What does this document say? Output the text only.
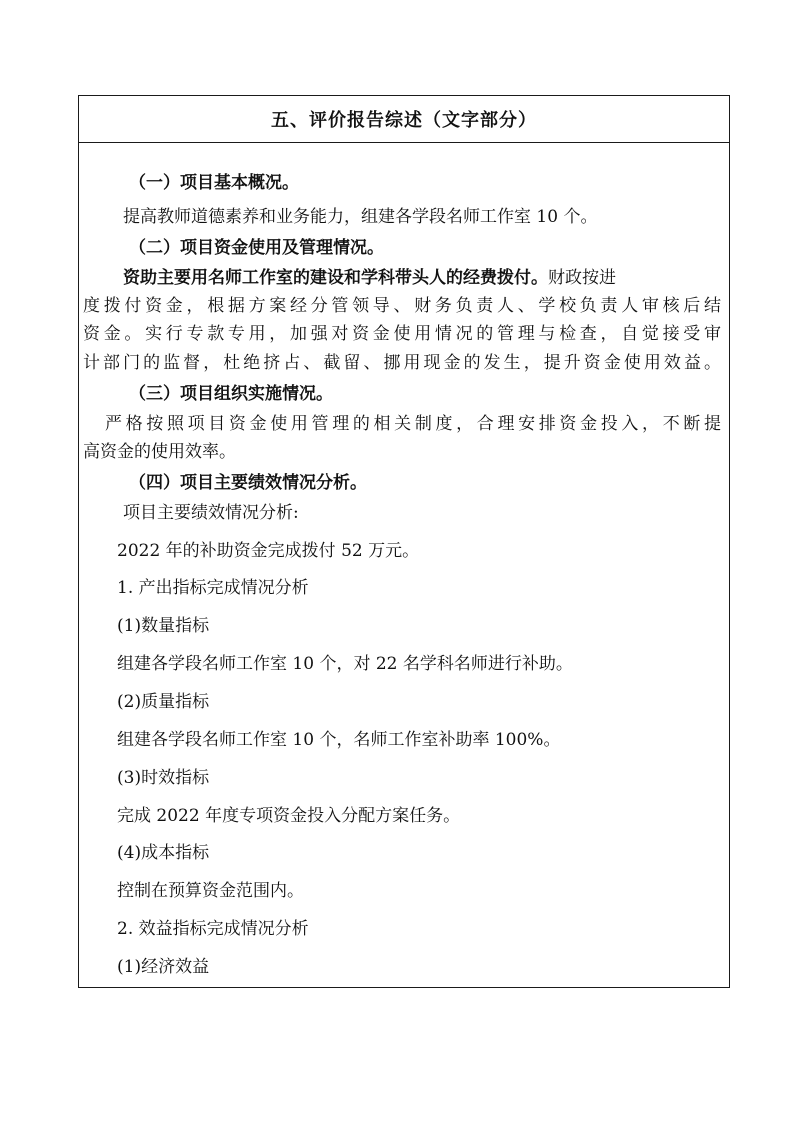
五、评价报告综述（文字部分）
（一）项目基本概况。
提高教师道德素养和业务能力，组建各学段名师工作室 10 个。
（二）项目资金使用及管理情况。
资助主要用名师工作室的建设和学科带头人的经费拨付。财政按进
度拨付资金，根据方案经分管领导、财务负责人、学校负责人审核后结
资金。实行专款专用，加强对资金使用情况的管理与检查，自觉接受审
计部门的监督，杜绝挤占、截留、挪用现金的发生，提升资金使用效益。
（三）项目组织实施情况。
严格按照项目资金使用管理的相关制度，合理安排资金投入，不断提
高资金的使用效率。
（四）项目主要绩效情况分析。
项目主要绩效情况分析:
2022 年的补助资金完成拨付 52 万元。
1. 产出指标完成情况分析
(1)数量指标
组建各学段名师工作室 10 个，对 22 名学科名师进行补助。
(2)质量指标
组建各学段名师工作室 10 个，名师工作室补助率 100%。
(3)时效指标
完成 2022 年度专项资金投入分配方案任务。
(4)成本指标
控制在预算资金范围内。
2. 效益指标完成情况分析
(1)经济效益
